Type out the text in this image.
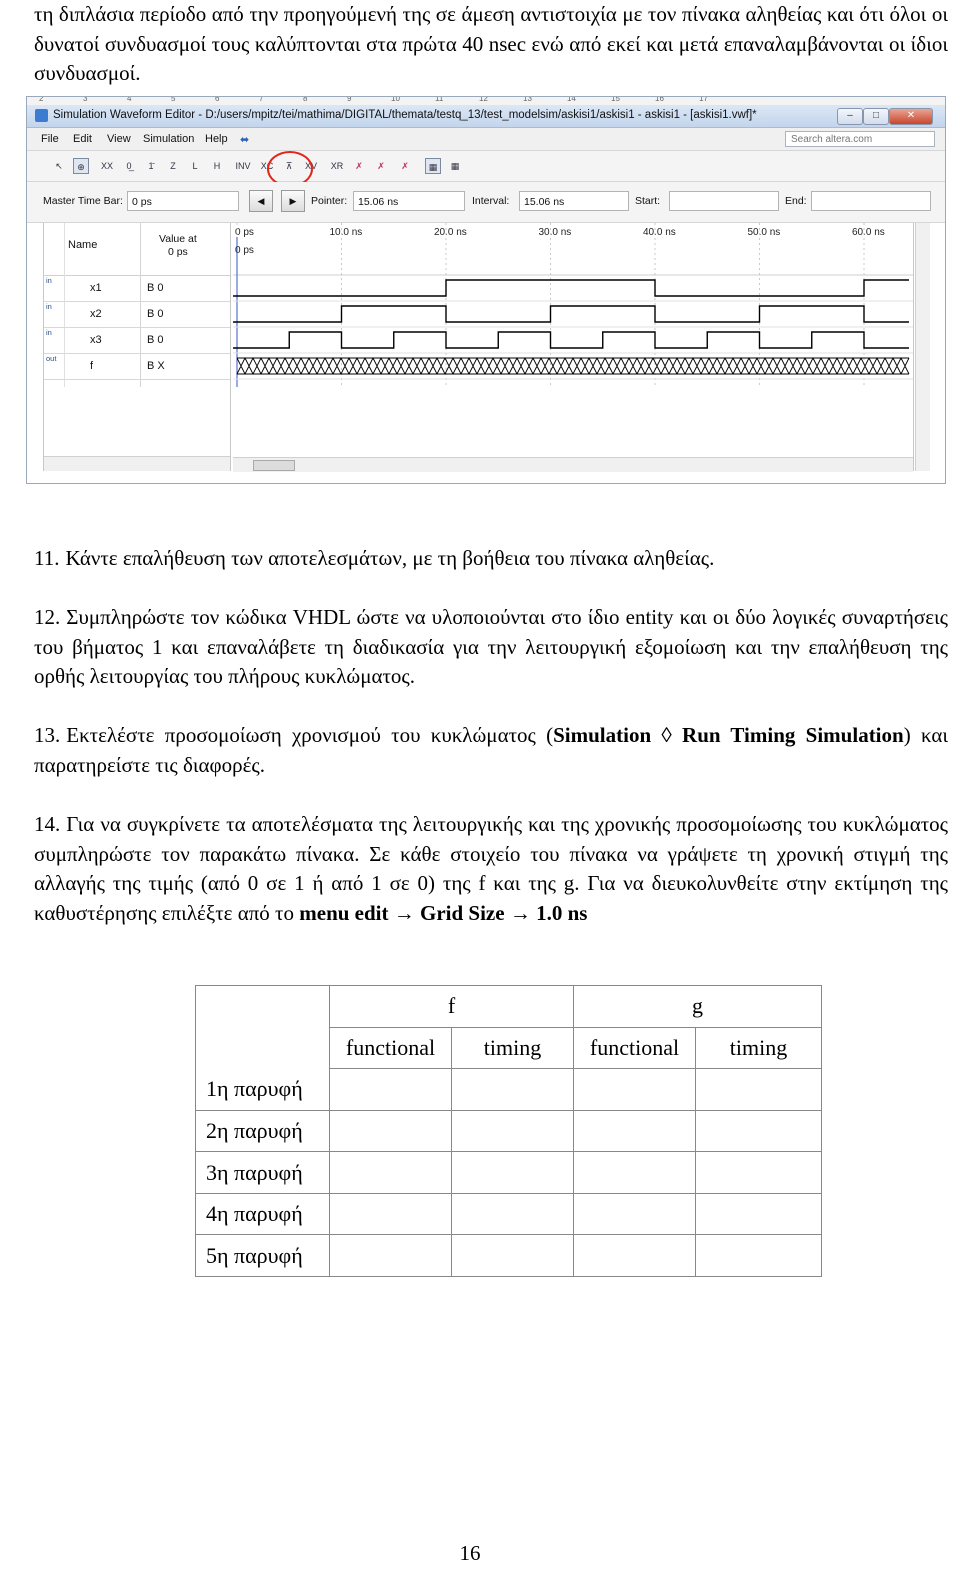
τη διπλάσια περίοδο από την προηγούμενή της σε άμεση αντιστοιχία με τον πίνακα αληθείας και ότι όλοι οι δυνατοί συνδυασμοί τους καλύπτονται στα πρώτα 40 nsec ενώ από εκεί και μετά επαναλαμβάνονται οι ίδιοι συνδυασμοί.

2	3	4	5	6	7	8	9	10	11	12	13	14	15	16	17
Simulation Waveform Editor - D:/users/mpitz/tei/mathima/DIGITAL/themata/testq_13/test_modelsim/askisi1/askisi1 - askisi1 - [askisi1.vwf]*	–	□	✕
File Edit View Simulation Help ⬌	Search altera.com
↖	⊕	XX	0̲	1̄	Z	L	H	INV XC	⊼	XV XR	✗	✗	✗	▦	▦
Master Time Bar: 0 ps	◀	▶	Pointer:	15.06 ns	Interval:	15.06 ns	Start:	End:
Name	Value at
0 ps
in
x1	B 0
in
x2	B 0
in
x3	B 0
out
f	B X
0 ps	10.0 ns	20.0 ns	30.0 ns	40.0 ns	50.0 ns	60.0 ns
0 ps

11. Κάντε επαλήθευση των αποτελεσμάτων, με τη βοήθεια του πίνακα αληθείας.

12. Συμπληρώστε τον κώδικα VHDL ώστε να υλοποιούνται στο ίδιο entity και οι δύο λογικές συναρτήσεις του βήματος 1 και επαναλάβετε τη διαδικασία για την λειτουργική εξομοίωση και την επαλήθευση της ορθής λειτουργίας του πλήρους κυκλώματος.

13. Εκτελέστε προσομοίωση χρονισμού του κυκλώματος (Simulation ◊ Run Timing Simulation) και παρατηρείστε τις διαφορές.

14. Για να συγκρίνετε τα αποτελέσματα της λειτουργικής και της χρονικής προσομοίωσης του κυκλώματος συμπληρώστε τον παρακάτω πίνακα. Σε κάθε στοιχείο του πίνακα να γράψετε τη χρονική στιγμή της αλλαγής της τιμής (από 0 σε 1 ή από 1 σε 0) της f και της g. Για να διευκολυνθείτε στην εκτίμηση της καθυστέρησης επιλέξτε από το menu edit → Grid Size → 1.0 ns

	f		g	
	functional	timing	functional	timing
1η παρυφή				
2η παρυφή				
3η παρυφή				
4η παρυφή				
5η παρυφή				
16
